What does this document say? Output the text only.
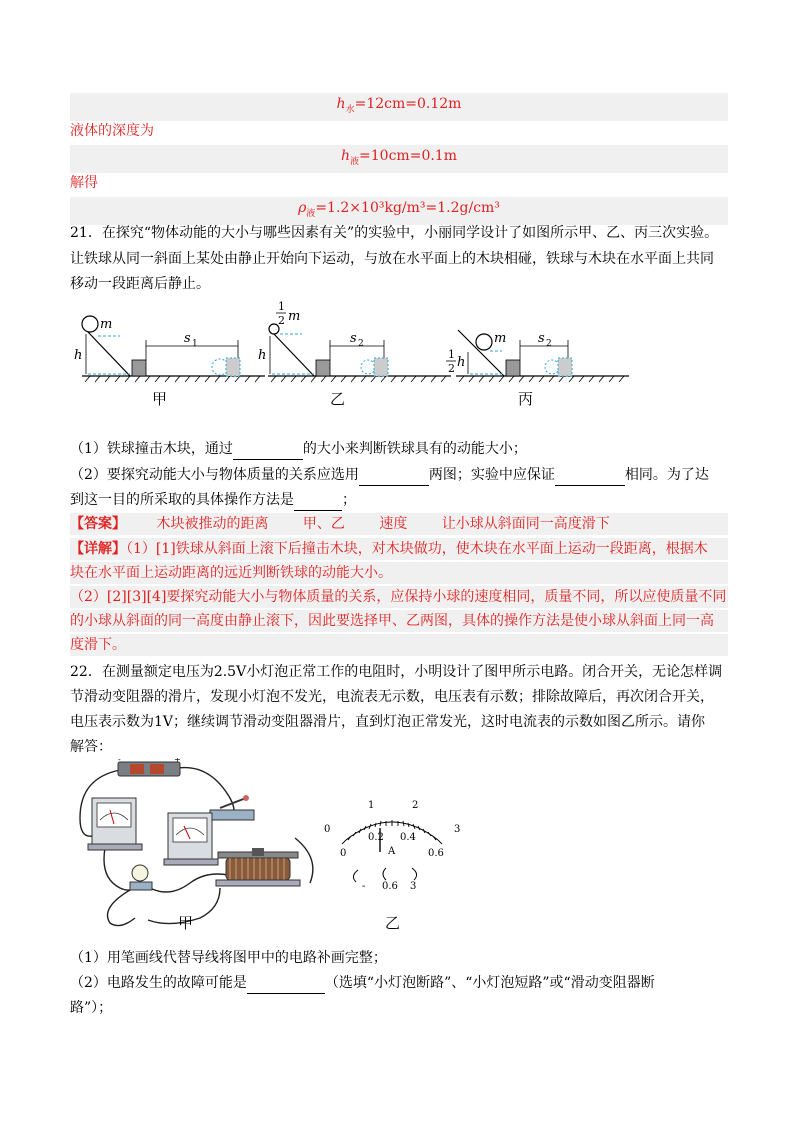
$h_水=12cm=0.12m$
液体的深度为
$h_液=10cm=0.1m$
解得
$\rho_液=1.2\times 10^3kg/m^3=1.2g$/cm³
21．在探究“物体动能的大小与哪些因素有关”的实验中，小丽同学设计了如图所示甲、乙、丙三次实验。
让铁球从同一斜面上某处由静止开始向下运动，与放在水平面上的木块相碰，铁球与木块在水平面上共同
移动一段距离后静止。
m
h
s 1
甲
1
2 m
h
s 2
乙
m
1
2 h
s 2
丙
（1）铁球撞击木块，通过	的大小来判断铁球具有的动能大小；
（2）要探究动能大小与物体质量的关系应选用	两图；实验中应保证	相同。为了达
到这一目的所采取的具体操作方法是	；
【答案】 木块被推动的距离 甲、乙 速度 让小球从斜面同一高度滑下
【详解】（1）[1]铁球从斜面上滚下后撞击木块，对木块做功，使木块在水平面上运动一段距离，根据木
块在水平面上运动距离的远近判断铁球的动能大小。
（2）[2][3][4]要探究动能大小与物体质量的关系，应保持小球的速度相同，质量不同，所以应使质量不同
的小球从斜面的同一高度由静止滚下，因此要选择甲、乙两图，具体的操作方法是使小球从斜面上同一高
度滑下。
22．在测量额定电压为2.5V小灯泡正常工作的电阻时，小明设计了图甲所示电路。闭合开关，无论怎样调
节滑动变阻器的滑片，发现小灯泡不发光，电流表无示数，电压表有示数；排除故障后，再次闭合开关，
电压表示数为1V；继续调节滑动变阻器滑片，直到灯泡正常发光，这时电流表的示数如图乙所示。请你
解答：
-	+
甲
0
1	2
3
0
0.2 0.4
0.6
A
- 0.6 3
乙
（1）用笔画线代替导线将图甲中的电路补画完整；
（2）电路发生的故障可能是	（选填“小灯泡断路”、“小灯泡短路”或“滑动变阻器断
路”）；
